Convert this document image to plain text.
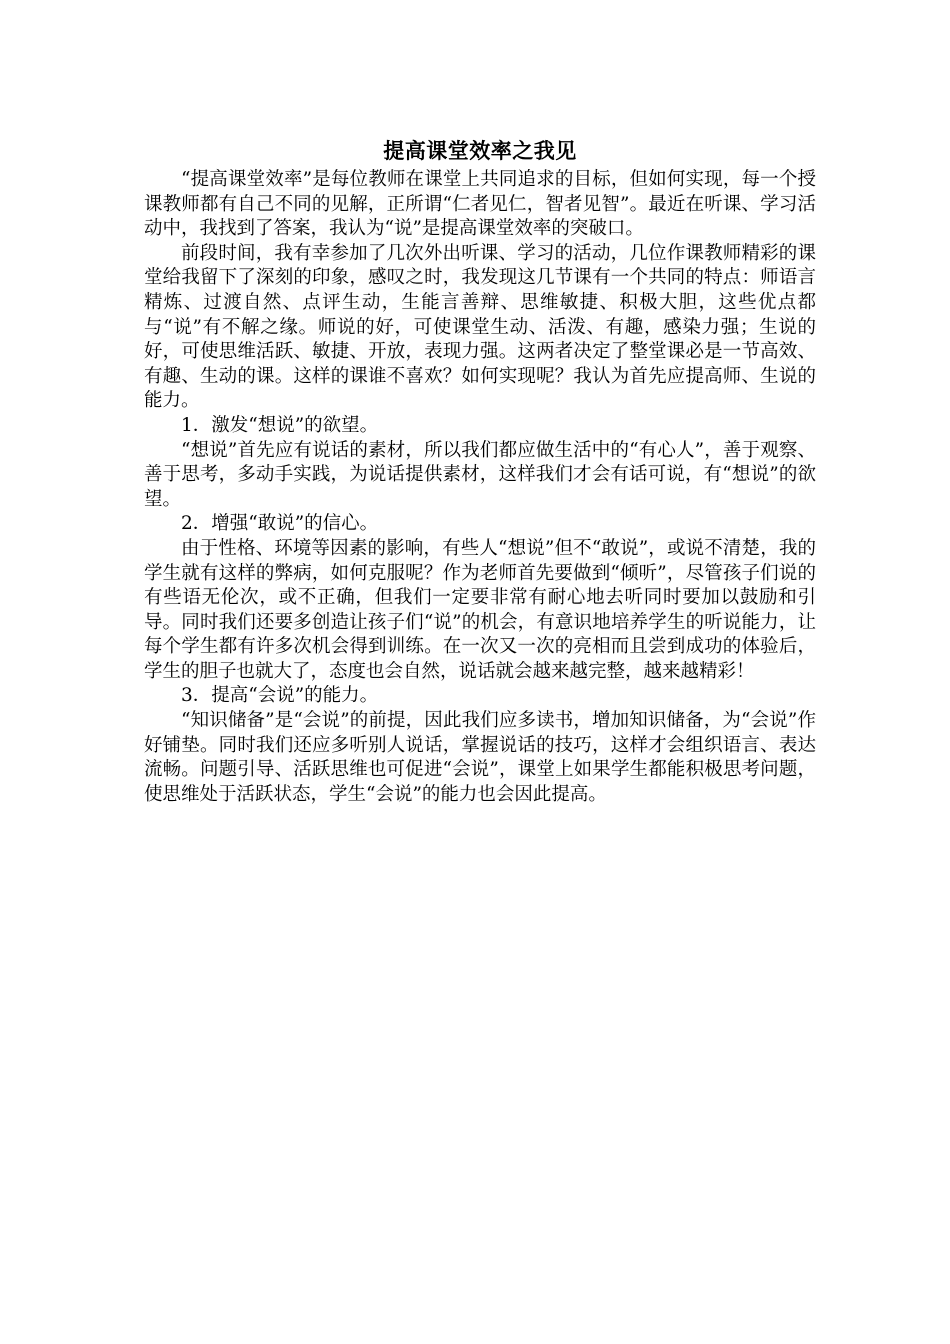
提高课堂效率之我见

“提高课堂效率”是每位教师在课堂上共同追求的目标，但如何实现，每一个授课教师都有自己不同的见解，正所谓“仁者见仁，智者见智”。最近在听课、学习活动中，我找到了答案，我认为“说”是提高课堂效率的突破口。

前段时间，我有幸参加了几次外出听课、学习的活动，几位作课教师精彩的课堂给我留下了深刻的印象，感叹之时，我发现这几节课有一个共同的特点：师语言精炼、过渡自然、点评生动，生能言善辩、思维敏捷、积极大胆，这些优点都与“说”有不解之缘。师说的好，可使课堂生动、活泼、有趣，感染力强；生说的好，可使思维活跃、敏捷、开放，表现力强。这两者决定了整堂课必是一节高效、有趣、生动的课。这样的课谁不喜欢？如何实现呢？我认为首先应提高师、生说的能力。

1．激发“想说”的欲望。

“想说”首先应有说话的素材，所以我们都应做生活中的“有心人”，善于观察、善于思考，多动手实践，为说话提供素材，这样我们才会有话可说，有“想说”的欲望。

2．增强“敢说”的信心。

由于性格、环境等因素的影响，有些人“想说”但不“敢说”，或说不清楚，我的学生就有这样的弊病，如何克服呢？作为老师首先要做到“倾听”，尽管孩子们说的有些语无伦次，或不正确，但我们一定要非常有耐心地去听同时要加以鼓励和引导。同时我们还要多创造让孩子们“说”的机会，有意识地培养学生的听说能力，让每个学生都有许多次机会得到训练。在一次又一次的亮相而且尝到成功的体验后，学生的胆子也就大了，态度也会自然，说话就会越来越完整，越来越精彩！

3．提高“会说”的能力。

“知识储备”是“会说”的前提，因此我们应多读书，增加知识储备，为“会说”作好铺垫。同时我们还应多听别人说话，掌握说话的技巧，这样才会组织语言、表达流畅。问题引导、活跃思维也可促进“会说”，课堂上如果学生都能积极思考问题，使思维处于活跃状态，学生“会说”的能力也会因此提高。
